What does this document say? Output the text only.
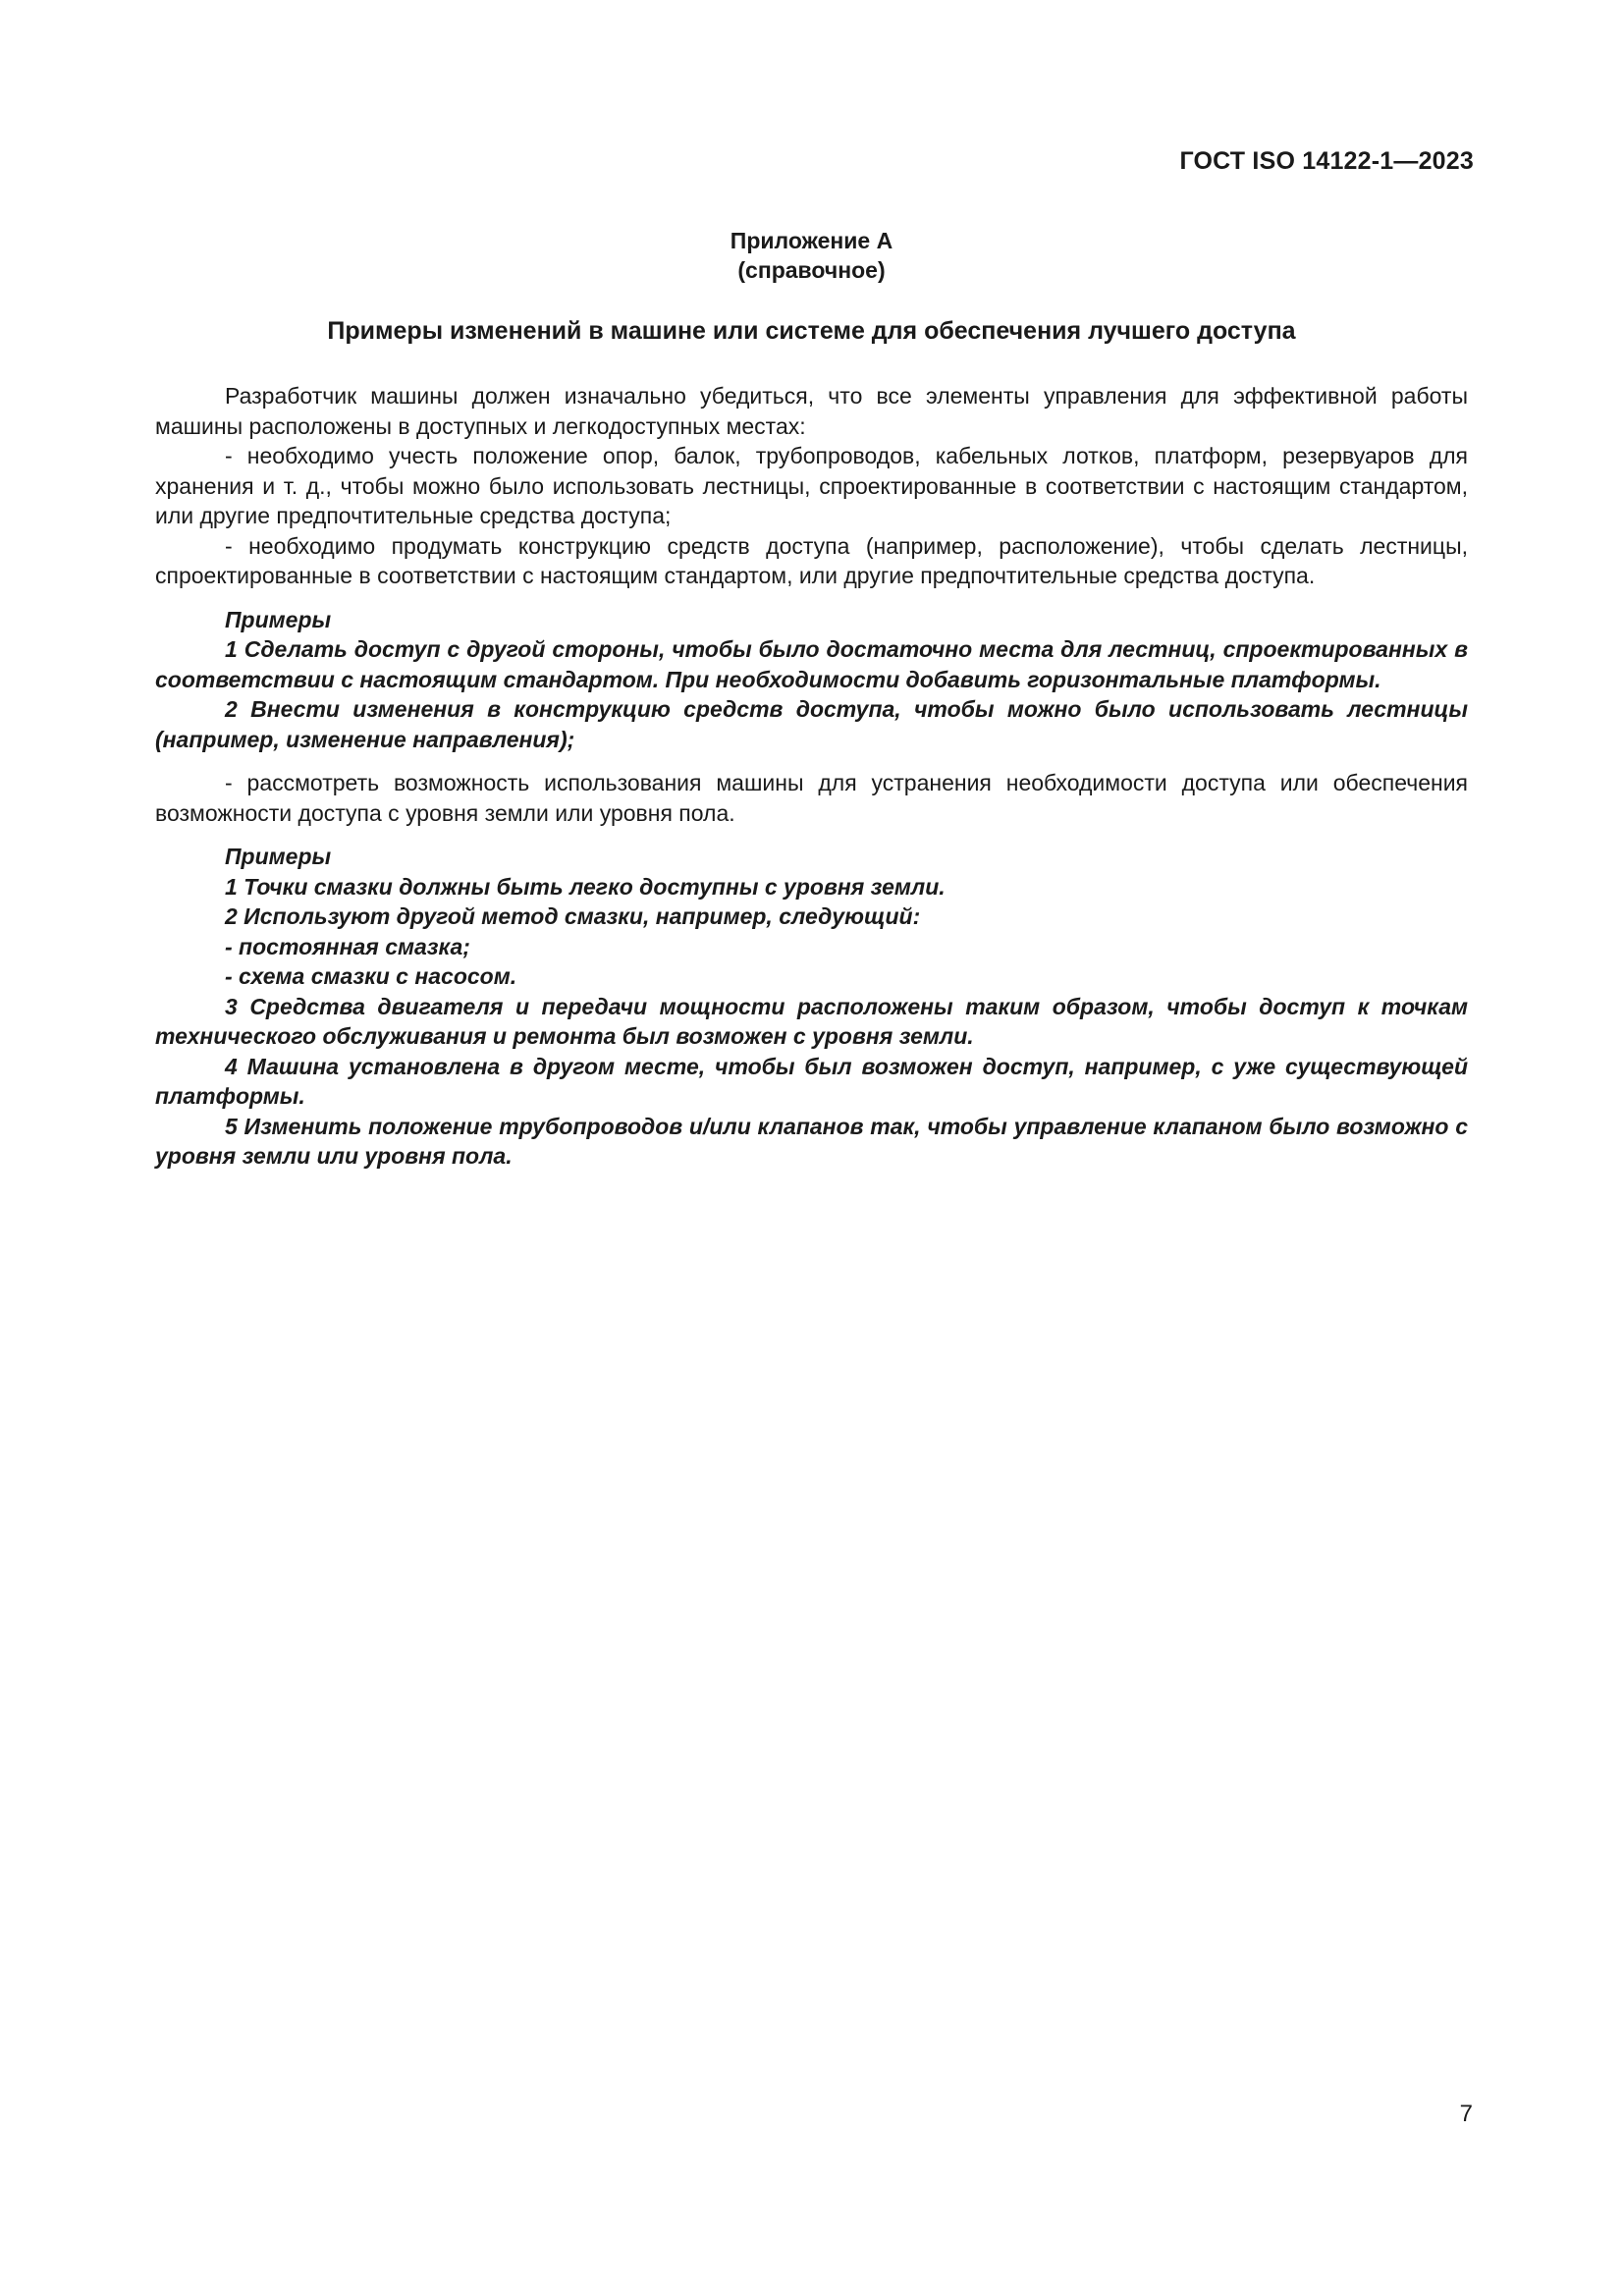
ГОСТ ISO 14122-1—2023
Приложение А
(справочное)
Примеры изменений в машине или системе для обеспечения лучшего доступа

Разработчик машины должен изначально убедиться, что все элементы управления для эффективной работы машины расположены в доступных и легкодоступных местах:

- необходимо учесть положение опор, балок, трубопроводов, кабельных лотков, платформ, резервуаров для хранения и т. д., чтобы можно было использовать лестницы, спроектированные в соответствии с настоящим стандартом, или другие предпочтительные средства доступа;

- необходимо продумать конструкцию средств доступа (например, расположение), чтобы сделать лестницы, спроектированные в соответствии с настоящим стандартом, или другие предпочтительные средства доступа.

Примеры

1 Сделать доступ с другой стороны, чтобы было достаточно места для лестниц, спроектированных в соответствии с настоящим стандартом. При необходимости добавить горизонтальные платформы.

2 Внести изменения в конструкцию средств доступа, чтобы можно было использовать лестницы (например, изменение направления);

- рассмотреть возможность использования машины для устранения необходимости доступа или обеспечения возможности доступа с уровня земли или уровня пола.

Примеры

1 Точки смазки должны быть легко доступны с уровня земли.

2 Используют другой метод смазки, например, следующий:

- постоянная смазка;

- схема смазки с насосом.

3 Средства двигателя и передачи мощности расположены таким образом, чтобы доступ к точкам технического обслуживания и ремонта был возможен с уровня земли.

4 Машина установлена в другом месте, чтобы был возможен доступ, например, с уже существующей платформы.

5 Изменить положение трубопроводов и/или клапанов так, чтобы управление клапаном было возможно с уровня земли или уровня пола.

7
